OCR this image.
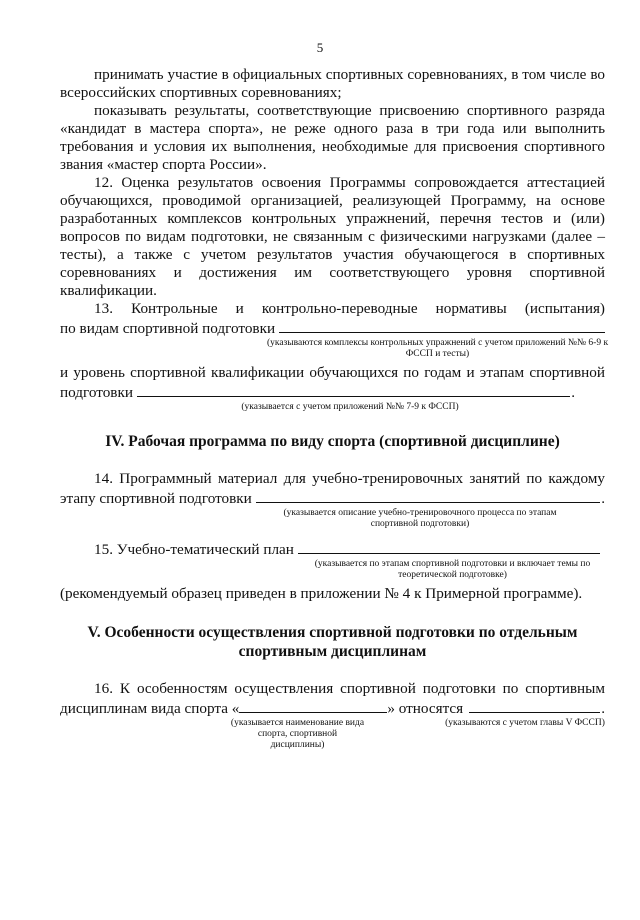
5

принимать участие в официальных спортивных соревнованиях, в том числе во всероссийских спортивных соревнованиях;

показывать результаты, соответствующие присвоению спортивного разряда «кандидат в мастера спорта», не реже одного раза в три года или выполнить требования и условия их выполнения, необходимые для присвоения спортивного звания «мастер спорта России».

12. Оценка результатов освоения Программы сопровождается аттестацией обучающихся, проводимой организацией, реализующей Программу, на основе разработанных комплексов контрольных упражнений, перечня тестов и (или) вопросов по видам подготовки, не связанным с физическими нагрузками (далее – тесты), а также с учетом результатов участия обучающегося в спортивных соревнованиях и достижения им соответствующего уровня спортивной квалификации.

13. Контрольные и контрольно-переводные нормативы (испытания)

по видам спортивной подготовки
(указываются комплексы контрольных упражнений с учетом приложений №№ 6-9 к ФССП и тесты)

и уровень спортивной квалификации обучающихся по годам и этапам спортивной

подготовки	.
(указывается с учетом приложений №№ 7-9 к ФССП)
IV. Рабочая программа по виду спорта (спортивной дисциплине)

14. Программный материал для учебно-тренировочных занятий по каждому

этапу спортивной подготовки	.
(указывается описание учебно-тренировочного процесса по этапам спортивной подготовки)
15. Учебно-тематический план
(указывается по этапам спортивной подготовки и включает темы по теоретической подготовке)

(рекомендуемый образец приведен в приложении № 4 к Примерной программе).

V. Особенности осуществления спортивной подготовки по отдельным
спортивным дисциплинам

16. К особенностям осуществления спортивной подготовки по спортивным

дисциплинам вида спорта «	» относятся	.
(указывается наименование вида спорта, спортивной дисциплины)
(указываются с учетом главы V ФССП)
